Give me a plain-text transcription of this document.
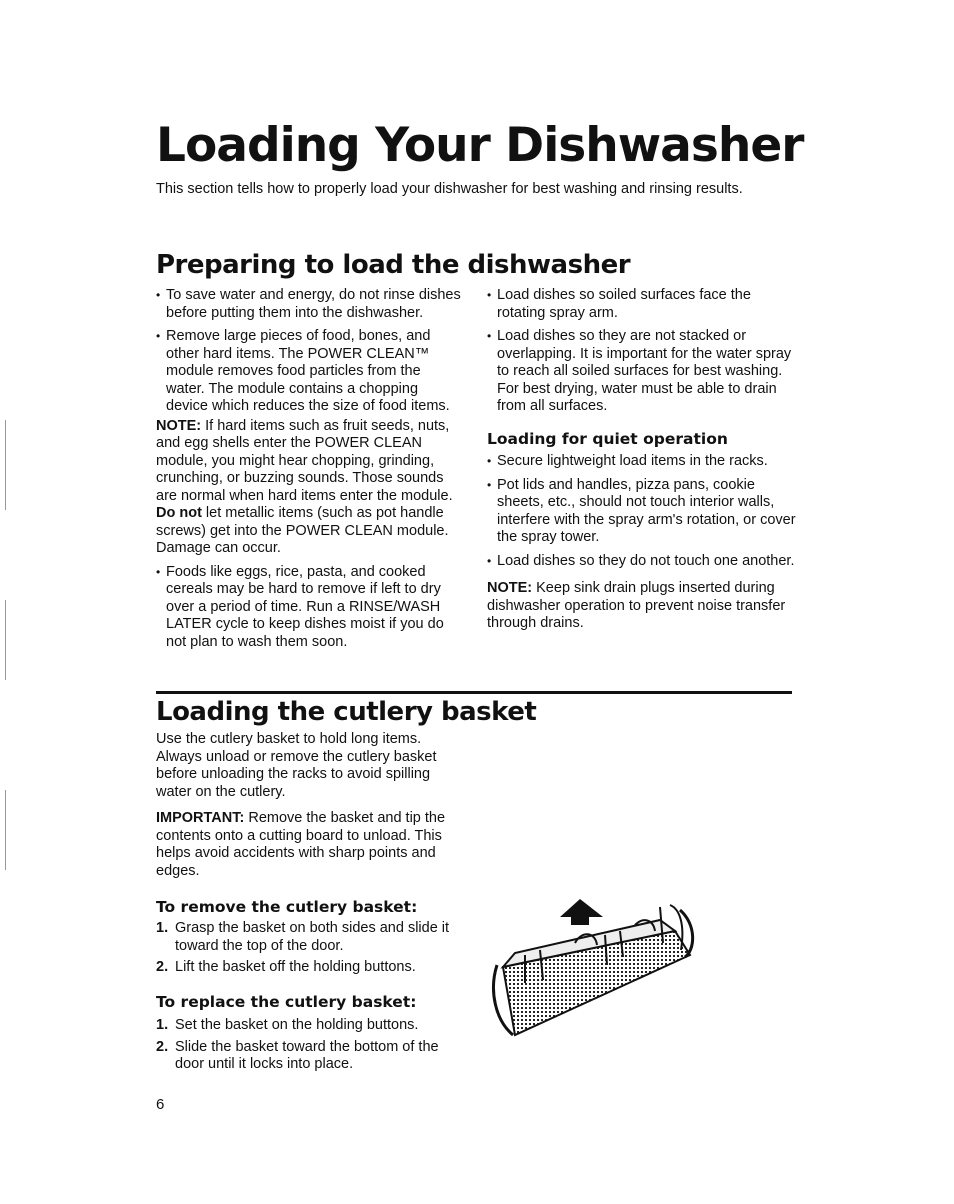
Loading Your Dishwasher
This section tells how to properly load your dishwasher for best washing and rinsing results.
Preparing to load the dishwasher
• To save water and energy, do not rinse dishes before putting them into the dishwasher.
• Remove large pieces of food, bones, and other hard items. The POWER CLEAN™ module removes food particles from the water. The module contains a chopping device which reduces the size of food items.

NOTE: If hard items such as fruit seeds, nuts, and egg shells enter the POWER CLEAN module, you might hear chopping, grinding, crunching, or buzzing sounds. Those sounds are normal when hard items enter the module. Do not let metallic items (such as pot handle screws) get into the POWER CLEAN module. Damage can occur.

• Foods like eggs, rice, pasta, and cooked cereals may be hard to remove if left to dry over a period of time. Run a RINSE/WASH LATER cycle to keep dishes moist if you do not plan to wash them soon.
• Load dishes so soiled surfaces face the rotating spray arm.
• Load dishes so they are not stacked or overlapping. It is important for the water spray to reach all soiled surfaces for best washing. For best drying, water must be able to drain from all surfaces.
Loading for quiet operation
• Secure lightweight load items in the racks.
• Pot lids and handles, pizza pans, cookie sheets, etc., should not touch interior walls, interfere with the spray arm's rotation, or cover the spray tower.
• Load dishes so they do not touch one another.

NOTE: Keep sink drain plugs inserted during dishwasher operation to prevent noise transfer through drains.

Loading the cutlery basket

Use the cutlery basket to hold long items. Always unload or remove the cutlery basket before unloading the racks to avoid spilling water on the cutlery.

IMPORTANT: Remove the basket and tip the contents onto a cutting board to unload. This helps avoid accidents with sharp points and edges.

To remove the cutlery basket:
1. Grasp the basket on both sides and slide it toward the top of the door.
2. Lift the basket off the holding buttons.
To replace the cutlery basket:
1. Set the basket on the holding buttons.
2. Slide the basket toward the bottom of the door until it locks into place.
6
